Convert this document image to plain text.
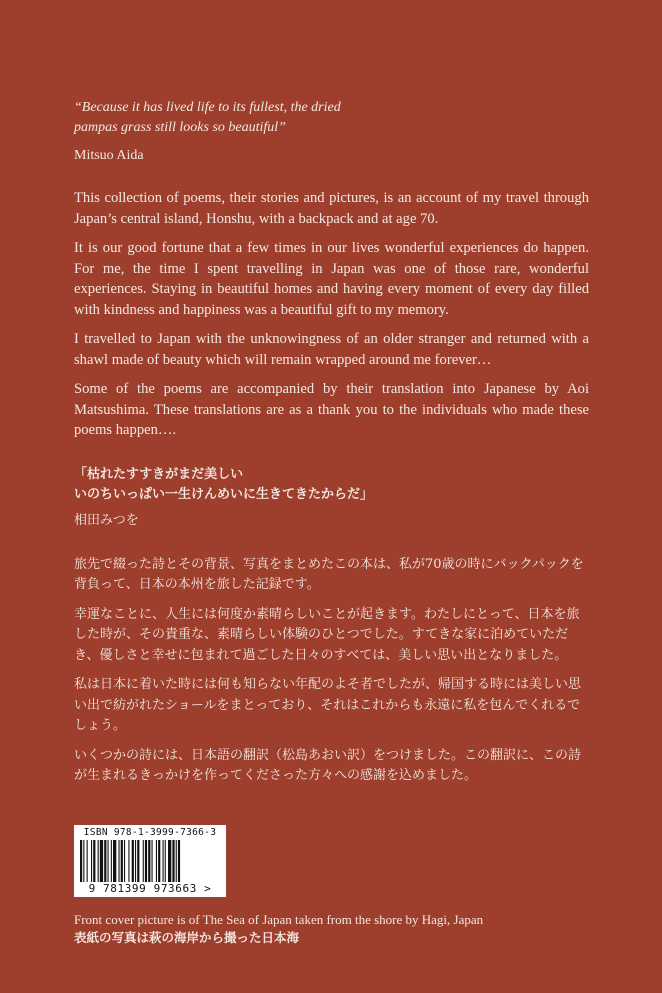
“Because it has lived life to its fullest, the dried
pampas grass still looks so beautiful”

Mitsuo Aida

This collection of poems, their stories and pictures, is an account of my travel through Japan’s central island, Honshu, with a backpack and at age 70.

It is our good fortune that a few times in our lives wonderful experiences do happen. For me, the time I spent travelling in Japan was one of those rare, wonderful experiences. Staying in beautiful homes and having every moment of every day filled with kindness and happiness was a beautiful gift to my memory.

I travelled to Japan with the unknowingness of an older stranger and returned with a shawl made of beauty which will remain wrapped around me forever…

Some of the poems are accompanied by their translation into Japanese by Aoi Matsushima. These translations are as a thank you to the individuals who made these poems happen….

「枯れたすすきがまだ美しい
いのちいっぱい一生けんめいに生きてきたからだ」
相田みつを

旅先で綴った詩とその背景、写真をまとめたこの本は、私が70歳の時にバックパックを背負って、日本の本州を旅した記録です。

幸運なことに、人生には何度か素晴らしいことが起きます。わたしにとって、日本を旅した時が、その貴重な、素晴らしい体験のひとつでした。すてきな家に泊めていただき、優しさと幸せに包まれて過ごした日々のすべては、美しい思い出となりました。

私は日本に着いた時には何も知らない年配のよそ者でしたが、帰国する時には美しい思い出で紡がれたショールをまとっており、それはこれからも永遠に私を包んでくれるでしょう。

いくつかの詩には、日本語の翻訳（松島あおい訳）をつけました。この翻訳に、この詩が生まれるきっかけを作ってくださった方々への感謝を込めました。

ISBN 978-1-3999-7366-3
9 781399 973663 >
Front cover picture is of The Sea of Japan taken from the shore by Hagi, Japan
表紙の写真は萩の海岸から撮った日本海
